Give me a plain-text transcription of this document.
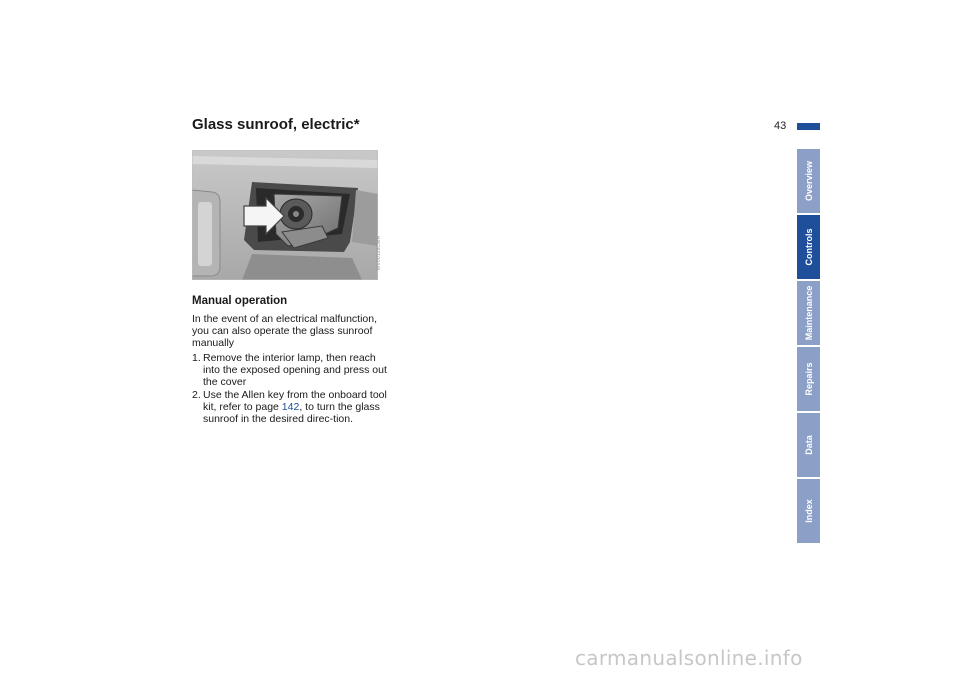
43
Glass sunroof, electric*
MV00118CMA
Manual operation

In the event of an electrical malfunction, you can also operate the glass sunroof manually

1. Remove the interior lamp, then reach into the exposed opening and press out the cover
2. Use the Allen key from the onboard tool kit, refer to page 142, to turn the glass sunroof in the desired direc-tion.
Overview
Controls
Maintenance
Repairs
Data
Index
carmanualsonline.info
